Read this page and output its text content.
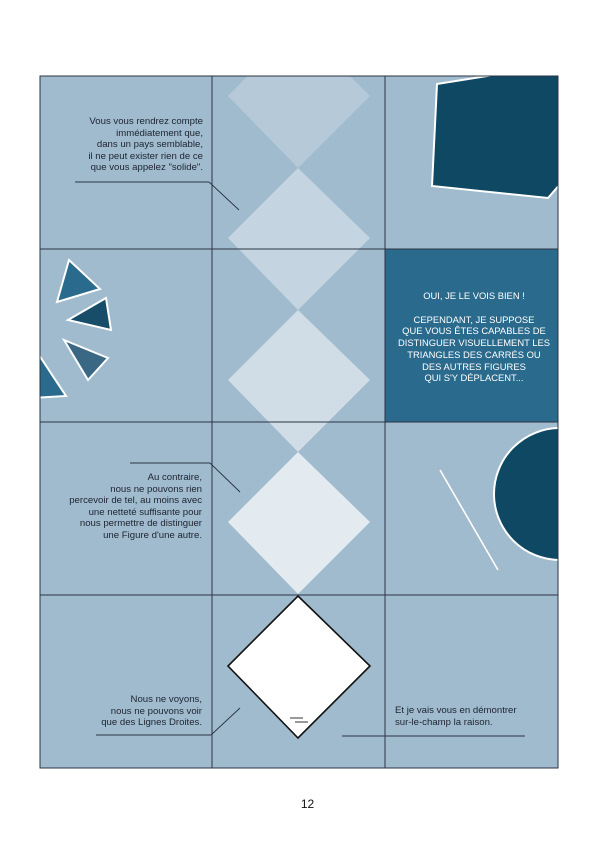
Vous vous rendrez compte
immédiatement que,
dans un pays semblable,
il ne peut exister rien de ce
que vous appelez "solide".
Au contraire,
nous ne pouvons rien
percevoir de tel, au moins avec
une netteté suffisante pour
nous permettre de distinguer
une Figure d'une autre.
Nous ne voyons,
nous ne pouvons voir
que des Lignes Droites.
Et je vais vous en démontrer
sur-le-champ la raison.
OUI, JE LE VOIS BIEN !
CEPENDANT, JE SUPPOSE
QUE VOUS ÊTES CAPABLES DE
DISTINGUER VISUELLEMENT LES
TRIANGLES DES CARRÉS OU
DES AUTRES FIGURES
QUI S'Y DÉPLACENT...
12
